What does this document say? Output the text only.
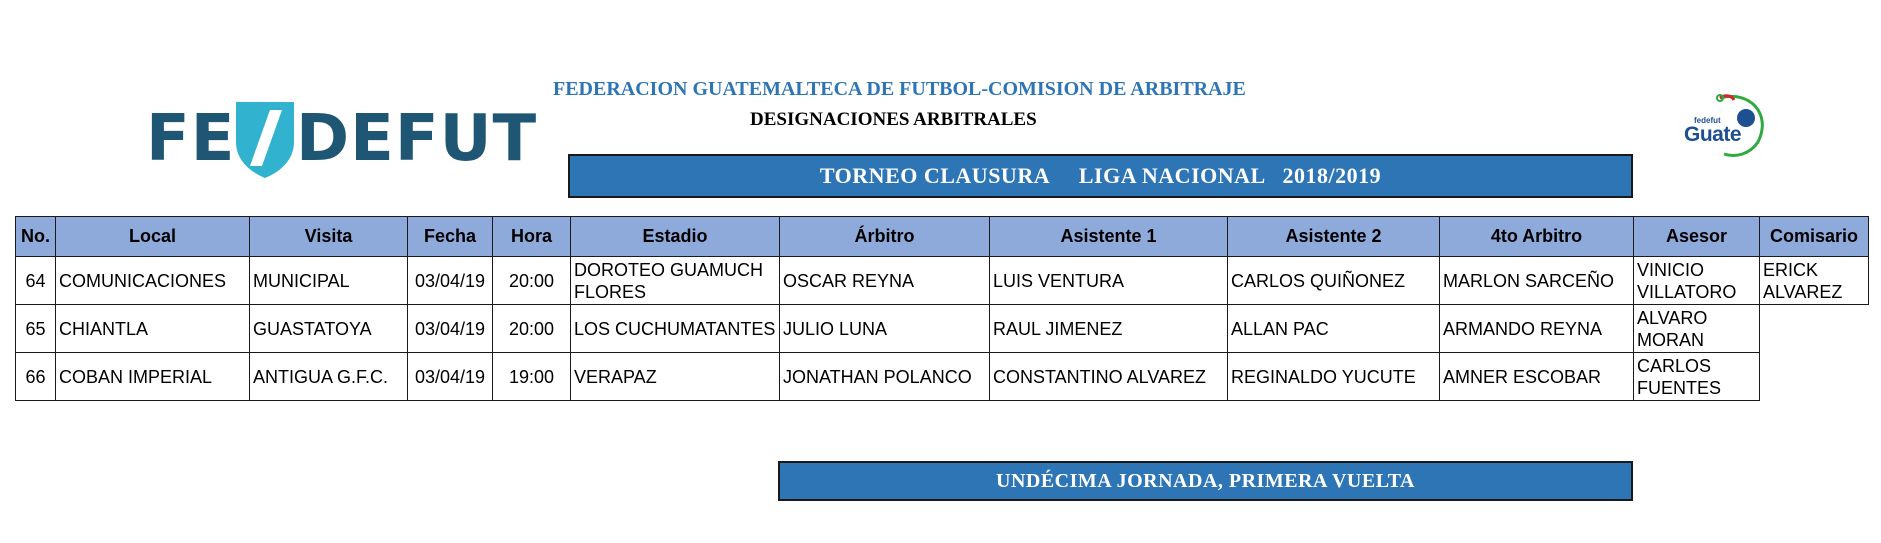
FE DEFUT
FEDERACION GUATEMALTECA DE FUTBOL-COMISION DE ARBITRAJE
DESIGNACIONES ARBITRALES	fedefut
Guate
TORNEO CLAUSURA     LIGA NACIONAL   2018/2019
No.	Local	Visita	Fecha	Hora	Estadio	Árbitro	Asistente 1	Asistente 2	4to Arbitro	Asesor	Comisario
64	COMUNICACIONES	MUNICIPAL	03/04/19	20:00	DOROTEO GUAMUCH FLORES	OSCAR REYNA	LUIS VENTURA	CARLOS QUIÑONEZ	MARLON SARCEÑO	VINICIO VILLATORO	ERICK ALVAREZ
65	CHIANTLA	GUASTATOYA	03/04/19	20:00	LOS CUCHUMATANTES	JULIO LUNA	RAUL JIMENEZ	ALLAN PAC	ARMANDO REYNA	ALVARO MORAN	
66	COBAN IMPERIAL	ANTIGUA G.F.C.	03/04/19	19:00	VERAPAZ	JONATHAN POLANCO	CONSTANTINO ALVAREZ	REGINALDO YUCUTE	AMNER ESCOBAR	CARLOS FUENTES	
UNDÉCIMA JORNADA, PRIMERA VUELTA
